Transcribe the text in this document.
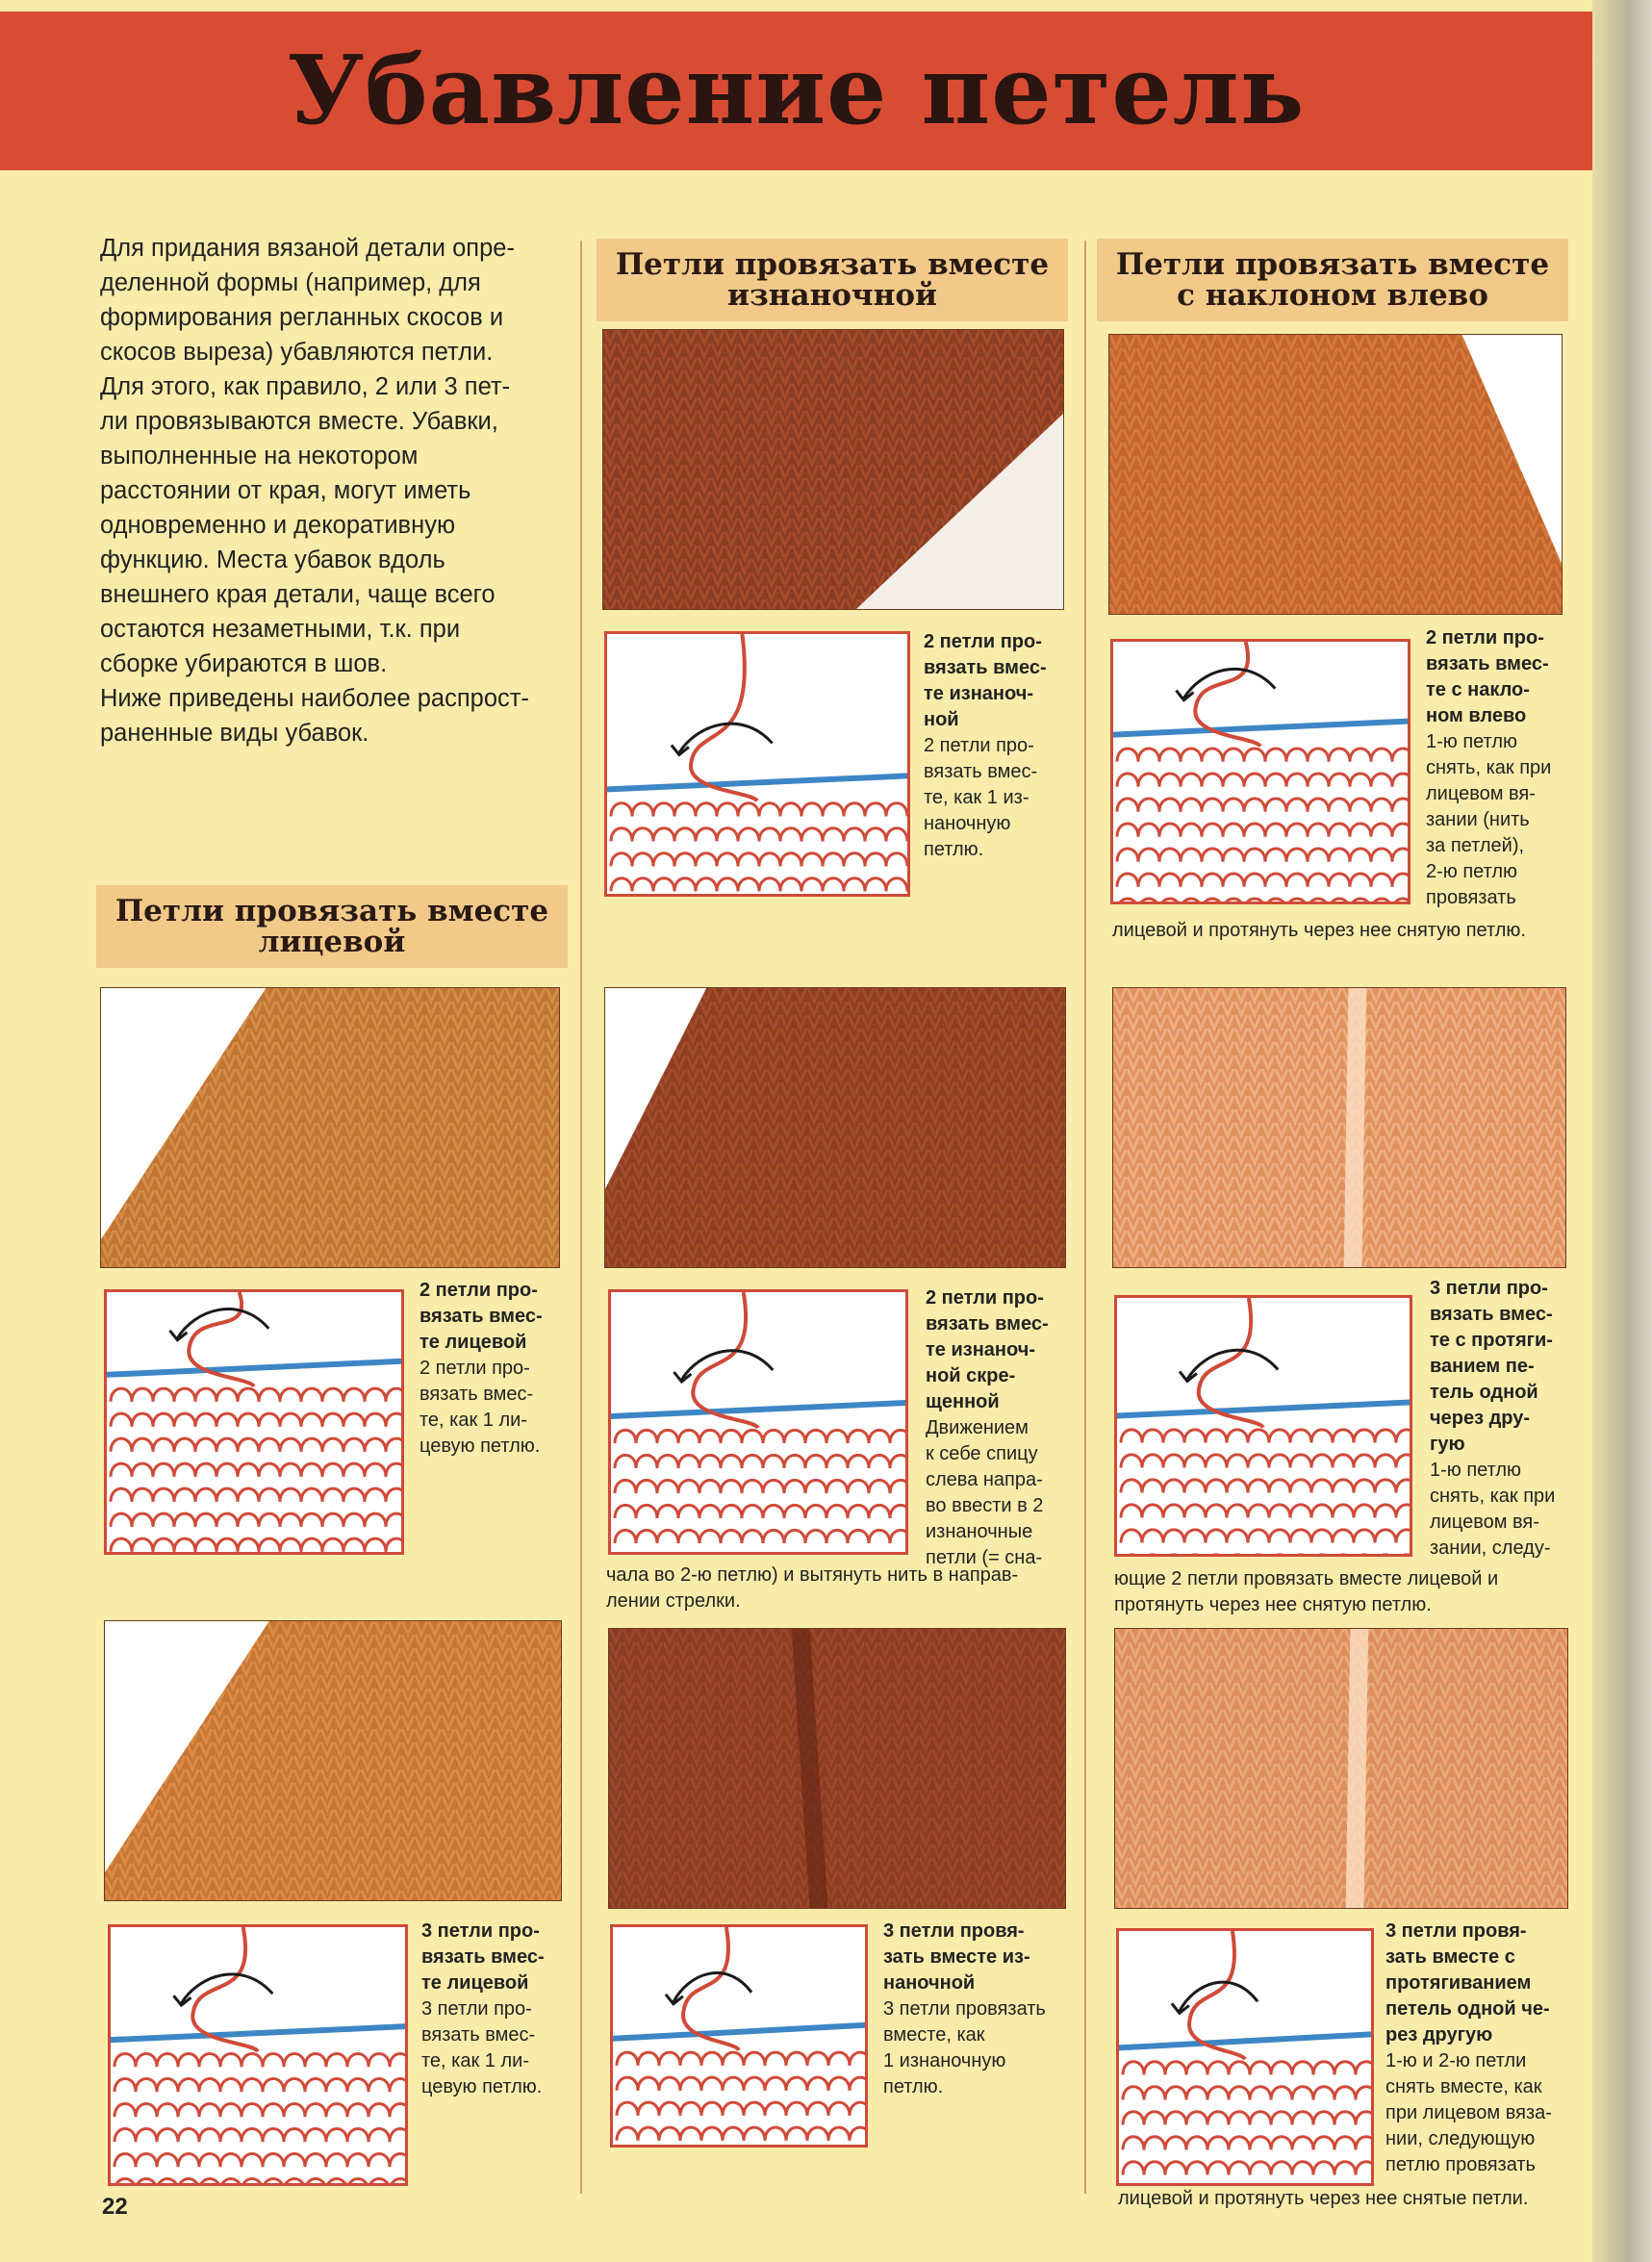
Убавление петель

Для придания вязаной детали опре-

деленной формы (например, для

формирования регланных скосов и

скосов выреза) убавляются петли.

Для этого, как правило, 2 или 3 пет-

ли провязываются вместе. Убавки,

выполненные на некотором

расстоянии от края, могут иметь

одновременно и декоративную

функцию. Места убавок вдоль

внешнего края детали, чаще всего

остаются незаметными, т.к. при

сборке убираются в шов.

Ниже приведены наиболее распрост-

раненные виды убавок.

Петли провязать вместе изнаночной
Петли провязать вместе с наклоном влево
Петли провязать вместе лицевой
2 петли про-
вязать вмес-
те изнаноч-
ной
2 петли про-
вязать вмес-
те, как 1 из-
наночную
петлю.
2 петли про-
вязать вмес-
те с накло-
ном влево
1-ю петлю
снять, как при
лицевом вя-
зании (нить
за петлей),
2-ю петлю
провязать
лицевой и протянуть через нее снятую петлю.
2 петли про-
вязать вмес-
те лицевой
2 петли про-
вязать вмес-
те, как 1 ли-
цевую петлю.
2 петли про-
вязать вмес-
те изнаноч-
ной скре-
щенной
Движением
к себе спицу
слева напра-
во ввести в 2
изнаночные
петли (= сна-
чала во 2-ю петлю) и вытянуть нить в направ-
лении стрелки.
3 петли про-
вязать вмес-
те с протяги-
ванием пе-
тель одной
через дру-
гую
1-ю петлю
снять, как при
лицевом вя-
зании, следу-
ющие 2 петли провязать вместе лицевой и
протянуть через нее снятую петлю.
3 петли про-
вязать вмес-
те лицевой
3 петли про-
вязать вмес-
те, как 1 ли-
цевую петлю.
3 петли провя-
зать вместе из-
наночной
3 петли провязать
вместе, как
1 изнаночную
петлю.
3 петли провя-
зать вместе с
протягиванием
петель одной че-
рез другую
1-ю и 2-ю петли
снять вместе, как
при лицевом вяза-
нии, следующую
петлю провязать
лицевой и протянуть через нее снятые петли.
22
